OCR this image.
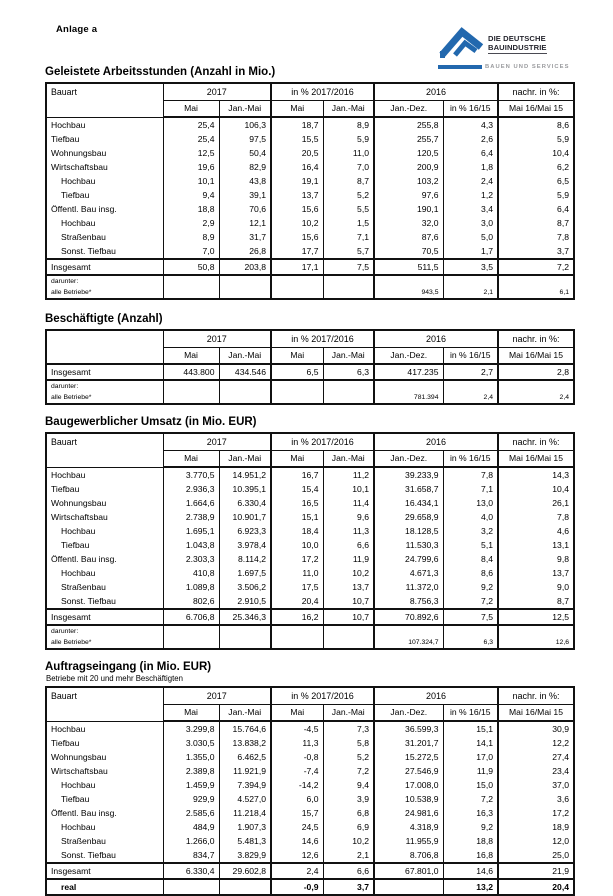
DIE DEUTSCHE
BAUINDUSTRIE
BAUEN UND SERVICES
Anlage a
Geleistete Arbeitsstunden (Anzahl in Mio.)
Bauart	2017		in % 2017/2016		2016		nachr. in %:
	Mai	Jan.-Mai	Mai	Jan.-Mai	Jan.-Dez.	in % 16/15	Mai 16/Mai 15
Hochbau	25,4	106,3	18,7	8,9	255,8	4,3	8,6
Tiefbau	25,4	97,5	15,5	5,9	255,7	2,6	5,9
Wohnungsbau	12,5	50,4	20,5	11,0	120,5	6,4	10,4
Wirtschaftsbau	19,6	82,9	16,4	7,0	200,9	1,8	6,2
Hochbau	10,1	43,8	19,1	8,7	103,2	2,4	6,5
Tiefbau	9,4	39,1	13,7	5,2	97,6	1,2	5,9
Öffentl. Bau insg.	18,8	70,6	15,6	5,5	190,1	3,4	6,4
Hochbau	2,9	12,1	10,2	1,5	32,0	3,0	8,7
Straßenbau	8,9	31,7	15,6	7,1	87,6	5,0	7,8
Sonst. Tiefbau	7,0	26,8	17,7	5,7	70,5	1,7	3,7
Insgesamt	50,8	203,8	17,1	7,5	511,5	3,5	7,2
darunter:							
alle Betriebe*					943,5	2,1	6,1
Beschäftigte (Anzahl)
	2017		in % 2017/2016		2016		nachr. in %:
	Mai	Jan.-Mai	Mai	Jan.-Mai	Jan.-Dez.	in % 16/15	Mai 16/Mai 15
Insgesamt	443.800	434.546	6,5	6,3	417.235	2,7	2,8
darunter:							
alle Betriebe*					781.394	2,4	2,4
Baugewerblicher Umsatz (in Mio. EUR)
Bauart	2017		in % 2017/2016		2016		nachr. in %:
	Mai	Jan.-Mai	Mai	Jan.-Mai	Jan.-Dez.	in % 16/15	Mai 16/Mai 15
Hochbau	3.770,5	14.951,2	16,7	11,2	39.233,9	7,8	14,3
Tiefbau	2.936,3	10.395,1	15,4	10,1	31.658,7	7,1	10,4
Wohnungsbau	1.664,6	6.330,4	16,5	11,4	16.434,1	13,0	26,1
Wirtschaftsbau	2.738,9	10.901,7	15,1	9,6	29.658,9	4,0	7,8
Hochbau	1.695,1	6.923,3	18,4	11,3	18.128,5	3,2	4,6
Tiefbau	1.043,8	3.978,4	10,0	6,6	11.530,3	5,1	13,1
Öffentl. Bau insg.	2.303,3	8.114,2	17,2	11,9	24.799,6	8,4	9,8
Hochbau	410,8	1.697,5	11,0	10,2	4.671,3	8,6	13,7
Straßenbau	1.089,8	3.506,2	17,5	13,7	11.372,0	9,2	9,0
Sonst. Tiefbau	802,6	2.910,5	20,4	10,7	8.756,3	7,2	8,7
Insgesamt	6.706,8	25.346,3	16,2	10,7	70.892,6	7,5	12,5
darunter:							
alle Betriebe*					107.324,7	6,3	12,6
Auftragseingang (in Mio. EUR)
Betriebe mit 20 und mehr Beschäftigten
Bauart	2017		in % 2017/2016		2016		nachr. in %:
	Mai	Jan.-Mai	Mai	Jan.-Mai	Jan.-Dez.	in % 16/15	Mai 16/Mai 15
Hochbau	3.299,8	15.764,6	-4,5	7,3	36.599,3	15,1	30,9
Tiefbau	3.030,5	13.838,2	11,3	5,8	31.201,7	14,1	12,2
Wohnungsbau	1.355,0	6.462,5	-0,8	5,2	15.272,5	17,0	27,4
Wirtschaftsbau	2.389,8	11.921,9	-7,4	7,2	27.546,9	11,9	23,4
Hochbau	1.459,9	7.394,9	-14,2	9,4	17.008,0	15,0	37,0
Tiefbau	929,9	4.527,0	6,0	3,9	10.538,9	7,2	3,6
Öffentl. Bau insg.	2.585,6	11.218,4	15,7	6,8	24.981,6	16,3	17,2
Hochbau	484,9	1.907,3	24,5	6,9	4.318,9	9,2	18,9
Straßenbau	1.266,0	5.481,3	14,6	10,2	11.955,9	18,8	12,0
Sonst. Tiefbau	834,7	3.829,9	12,6	2,1	8.706,8	16,8	25,0
Insgesamt	6.330,4	29.602,8	2,4	6,6	67.801,0	14,6	21,9
real			-0,9	3,7		13,2	20,4
